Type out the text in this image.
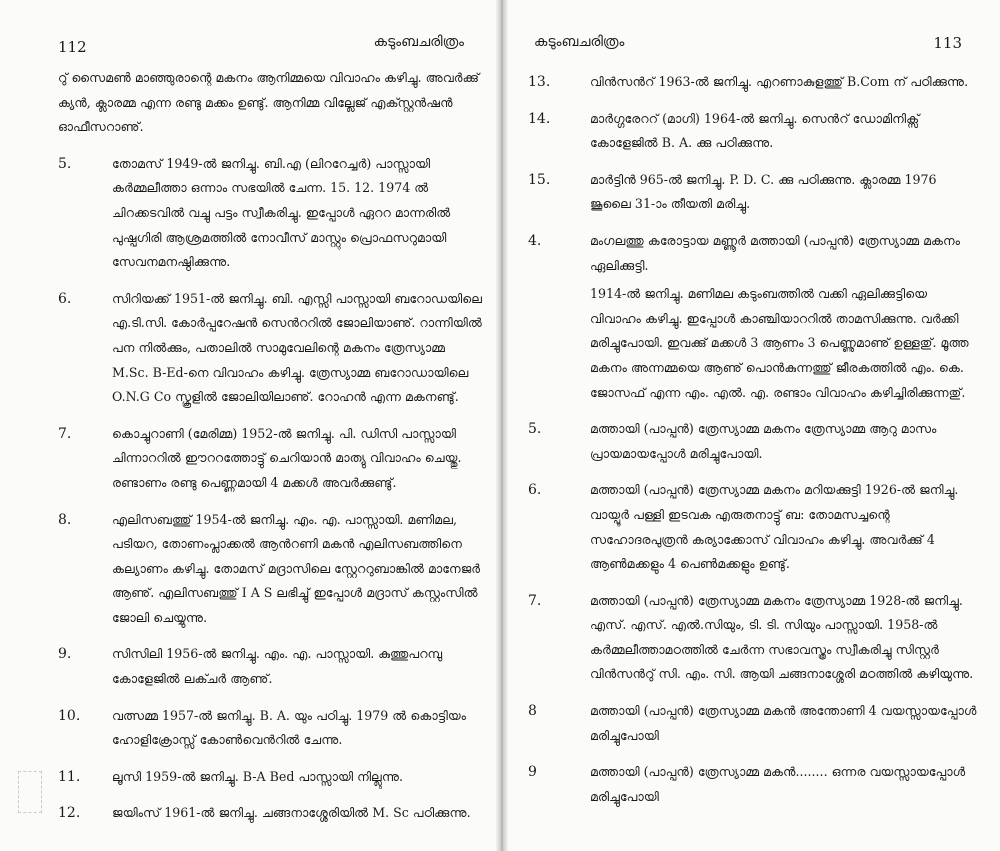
112	കടുംബചരിത്രം
റു് സൈമൺ മാഞ്ഞുരാന്റെ മകനം ആനിമ്മയെ വിവാഹം കഴിച്ചു. അവർക്കു് ക്യൻ, ക്ലാരമ്മ എന്ന രണ്ടു മക്കം ഉണ്ടു്. ആനിമ്മ വില്ലേജ് എക്സ്റ്റൻഷൻ ഓഫീസറാണു്.
5.	തോമസ് 1949-ൽ ജനിച്ചു. ബി.എ (ലിററേച്ചർ) പാസ്സായി കർമ്മലീത്താ ഒന്നാം സഭയിൽ ചേന്ന. 15. 12. 1974 ൽ ചിറക്കടവിൽ വച്ചു പട്ടം സ്വീകരിച്ചു. ഇപ്പോൾ ഏററ മാന്നരിൽ പുഷ്പഗിരി ആശ്രമത്തിൽ നോവീസ് മാസ്റ്റും പ്രൊഫസറുമായി സേവനമനഷ്ഠിക്കുന്നു.
6.	സിറിയക്ക് 1951-ൽ ജനിച്ചു. ബി. എസ്സി പാസ്സായി ബറോഡയിലെ എ.ടി.സി. കോർപ്പറേഷൻ സെൻററിൽ ജോലിയാണു്. റാന്നിയിൽ പന നിൽക്കും, പതാലിൽ സാമുവേലിന്റെ മകനം ത്രേസ്യാമ്മ M.Sc. B-Ed-നെ വിവാഹം കഴിച്ചു. ത്രേസ്യാമ്മ ബറോഡായിലെ O.N.G Co സ്കൂളിൽ ജോലിയിലാണു്. റോഹൻ എന്ന മകനണ്ടു്.
7.	കൊച്ചുറാണി (മേരിമ്മ) 1952-ൽ ജനിച്ചു. പി. ഡിസി പാസ്സായി ചിന്നാററിൽ ഈററത്തോട്ടു് ചെറിയാൻ മാത്യു വിവാഹം ചെയ്തു. രണ്ടാണം രണ്ടു പെണ്ണമായി 4 മക്കൾ അവർക്കുണ്ടു്.
8.	എലിസബത്തു് 1954-ൽ ജനിച്ചു. എം. എ. പാസ്സായി. മണിമല, പടിയറ, തോണംപ്ലാക്കൽ ആൻറണി മകൻ എലിസബത്തിനെ കല്യാണം കഴിച്ചു. തോമസ് മദ്രാസിലെ സ്റ്റേററുബാങ്കിൽ മാനേജർ ആണു്. എലിസബത്തു് I A S ലഭിച്ചു് ഇപ്പോൾ മദ്രാസ് കസ്റ്റംസിൽ ജോലി ചെയ്യുന്നു.
9.	സിസിലി 1956-ൽ ജനിച്ചു. എം. എ. പാസ്സായി. കുത്തുപറമ്പു കോളേജിൽ ലക്ചർ ആണു്.
10.	വത്സമ്മ 1957-ൽ ജനിച്ചു. B. A. യും പഠിച്ചു. 1979 ൽ കൊട്ടിയം ഹോളിക്രോസ്സ് കോൺവെൻറിൽ ചേന്നു.
11.	ലൂസി 1959-ൽ ജനിച്ചു. B-A Bed പാസ്സായി നില്ലുന്നു.
12.	ജയിംസ് 1961-ൽ ജനിച്ചു. ചങ്ങനാശ്ശേരിയിൽ M. Sc പഠിക്കുന്നു.
കടുംബചരിത്രം	113
13.	വിൻസൻറ് 1963-ൽ ജനിച്ചു. എറണാകുളത്തു് B.Com ന് പഠിക്കുന്നു.
14.	മാർഗ്ഗരേററ് (മാഗി) 1964-ൽ ജനിച്ചു. സെൻറ് ഡോമിനിക്സ് കോളേജിൽ B. A. ക്കു പഠിക്കുന്നു.
15.	മാർട്ടിൻ 965-ൽ ജനിച്ചു. P. D. C. ക്കു പഠിക്കുന്നു. ക്ലാരമ്മ 1976 ജൂലൈ 31-ാം തീയതി മരിച്ചു.
4.	മംഗലത്തു കരോട്ടായ മണ്ണൂർ മത്തായി (പാപ്പൻ) ത്രേസ്യാമ്മ മകനം ഏലിക്കുട്ടി.
1914-ൽ ജനിച്ചു. മണിമല കടുംബത്തിൽ വക്കി ഏലിക്കുട്ടിയെ വിവാഹം കഴിച്ചു. ഇപ്പോൾ കാഞ്ചിയാററിൽ താമസിക്കുന്നു. വർക്കി മരിച്ചുപോയി. ഇവക്കു് മക്കൾ 3 ആണം 3 പെണ്ണുമാണു് ഉള്ളതു്. മൂത്ത മകനം അന്നമ്മയെ ആണു് പൊൻകുന്നത്തു് ജീരകത്തിൽ എം. കെ. ജോസഫ് എന്ന എം. എൽ. എ. രണ്ടാം വിവാഹം കഴിച്ചിരിക്കുന്നതു്.
5.	മത്തായി (പാപ്പൻ) ത്രേസ്യാമ്മ മകനം ത്രേസ്യാമ്മ ആറു മാസം പ്രായമായപ്പോൾ മരിച്ചുപോയി.
6.	മത്തായി (പാപ്പൻ) ത്രേസ്യാമ്മ മകനം മറിയക്കുട്ടി 1926-ൽ ജനിച്ചു. വായ്പൂർ പള്ളി ഇടവക എരുതനാട്ടു് ബ: തോമസച്ചന്റെ സഹോദരപുത്രൻ കര്യാക്കോസ് വിവാഹം കഴിച്ചു. അവർക്കു് 4 ആൺമക്കളും 4 പെൺമക്കളും ഉണ്ടു്.
7.	മത്തായി (പാപ്പൻ) ത്രേസ്യാമ്മ മകനം ത്രേസ്യാമ്മ 1928-ൽ ജനിച്ചു. എസ്. എസ്. എൽ.സിയും, ടി. ടി. സിയും പാസ്സായി. 1958-ൽ കർമ്മലീത്താമഠത്തിൽ ചേർന്ന സഭാവസ്ത്രം സ്വീകരിച്ചു സിസ്റ്റർ വിൻസൻറു് സി. എം. സി. ആയി ചങ്ങനാശ്ശേരി മഠത്തിൽ കഴിയുന്നു.
8	മത്തായി (പാപ്പൻ) ത്രേസ്യാമ്മ മകൻ അന്തോണി 4 വയസ്സായപ്പോൾ മരിച്ചുപോയി
9	മത്തായി (പാപ്പൻ) ത്രേസ്യാമ്മ മകൻ........ ഒന്നര വയസ്സായപ്പോൾ മരിച്ചുപോയി
